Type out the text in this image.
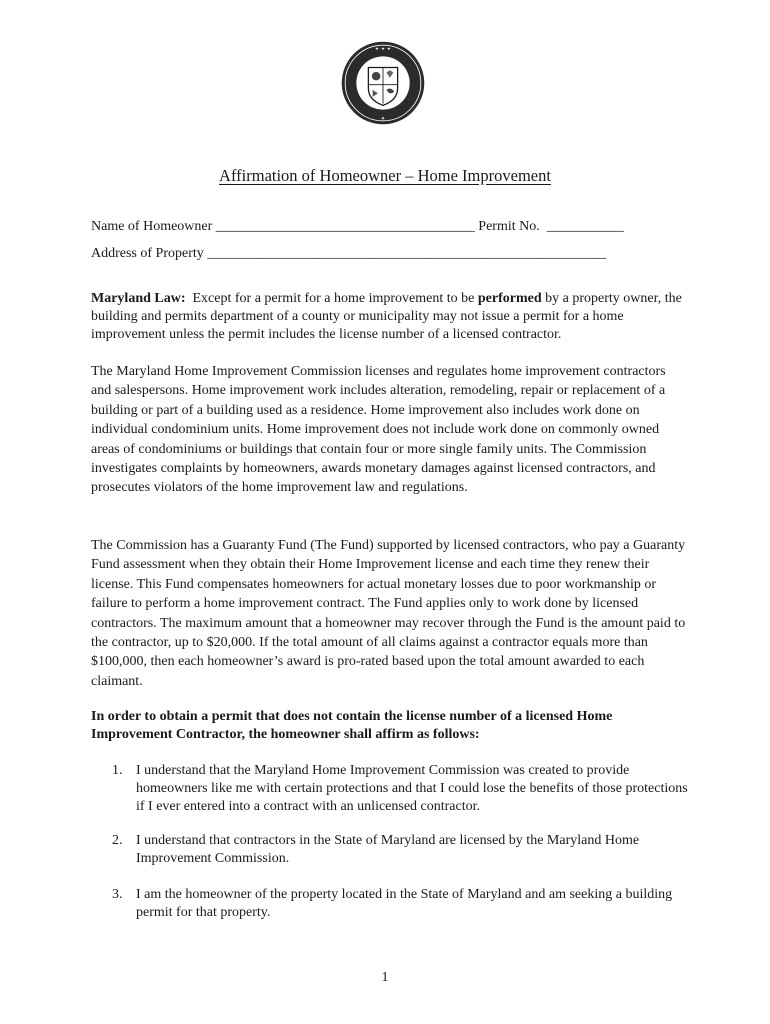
✦ ✦ ✦
✦
Affirmation of Homeowner – Home Improvement
Name of Homeowner _____________________________________ Permit No.  ___________
Address of Property _________________________________________________________
Maryland Law:  Except for a permit for a home improvement to be performed by a property owner, the building and permits department of a county or municipality may not issue a permit for a home improvement unless the permit includes the license number of a licensed contractor.
The Maryland Home Improvement Commission licenses and regulates home improvement contractors and salespersons. Home improvement work includes alteration, remodeling, repair or replacement of a building or part of a building used as a residence. Home improvement also includes work done on individual condominium units. Home improvement does not include work done on commonly owned areas of condominiums or buildings that contain four or more single family units. The Commission investigates complaints by homeowners, awards monetary damages against licensed contractors, and prosecutes violators of the home improvement law and regulations.
The Commission has a Guaranty Fund (The Fund) supported by licensed contractors, who pay a Guaranty Fund assessment when they obtain their Home Improvement license and each time they renew their license. This Fund compensates homeowners for actual monetary losses due to poor workmanship or failure to perform a home improvement contract. The Fund applies only to work done by licensed contractors. The maximum amount that a homeowner may recover through the Fund is the amount paid to the contractor, up to $20,000. If the total amount of all claims against a contractor equals more than $100,000, then each homeowner’s award is pro-rated based upon the total amount awarded to each claimant.
In order to obtain a permit that does not contain the license number of a licensed Home Improvement Contractor, the homeowner shall affirm as follows:
1. I understand that the Maryland Home Improvement Commission was created to provide homeowners like me with certain protections and that I could lose the benefits of those protections if I ever entered into a contract with an unlicensed contractor.
2. I understand that contractors in the State of Maryland are licensed by the Maryland Home Improvement Commission.
3. I am the homeowner of the property located in the State of Maryland and am seeking a building permit for that property.
1
